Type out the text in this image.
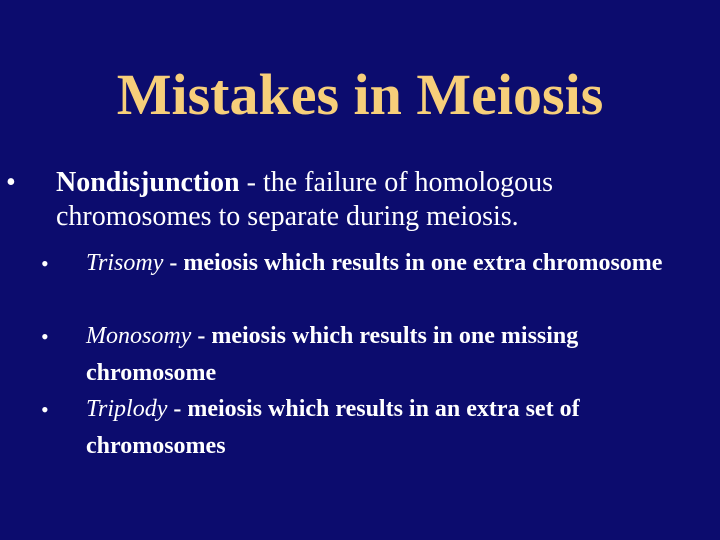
Mistakes in Meiosis
• Nondisjunction - the failure of homologous chromosomes to separate during meiosis.
• Trisomy - meiosis which results in one extra chromosome
• Monosomy - meiosis which results in one missing chromosome
• Triplody - meiosis which results in an extra set of chromosomes
